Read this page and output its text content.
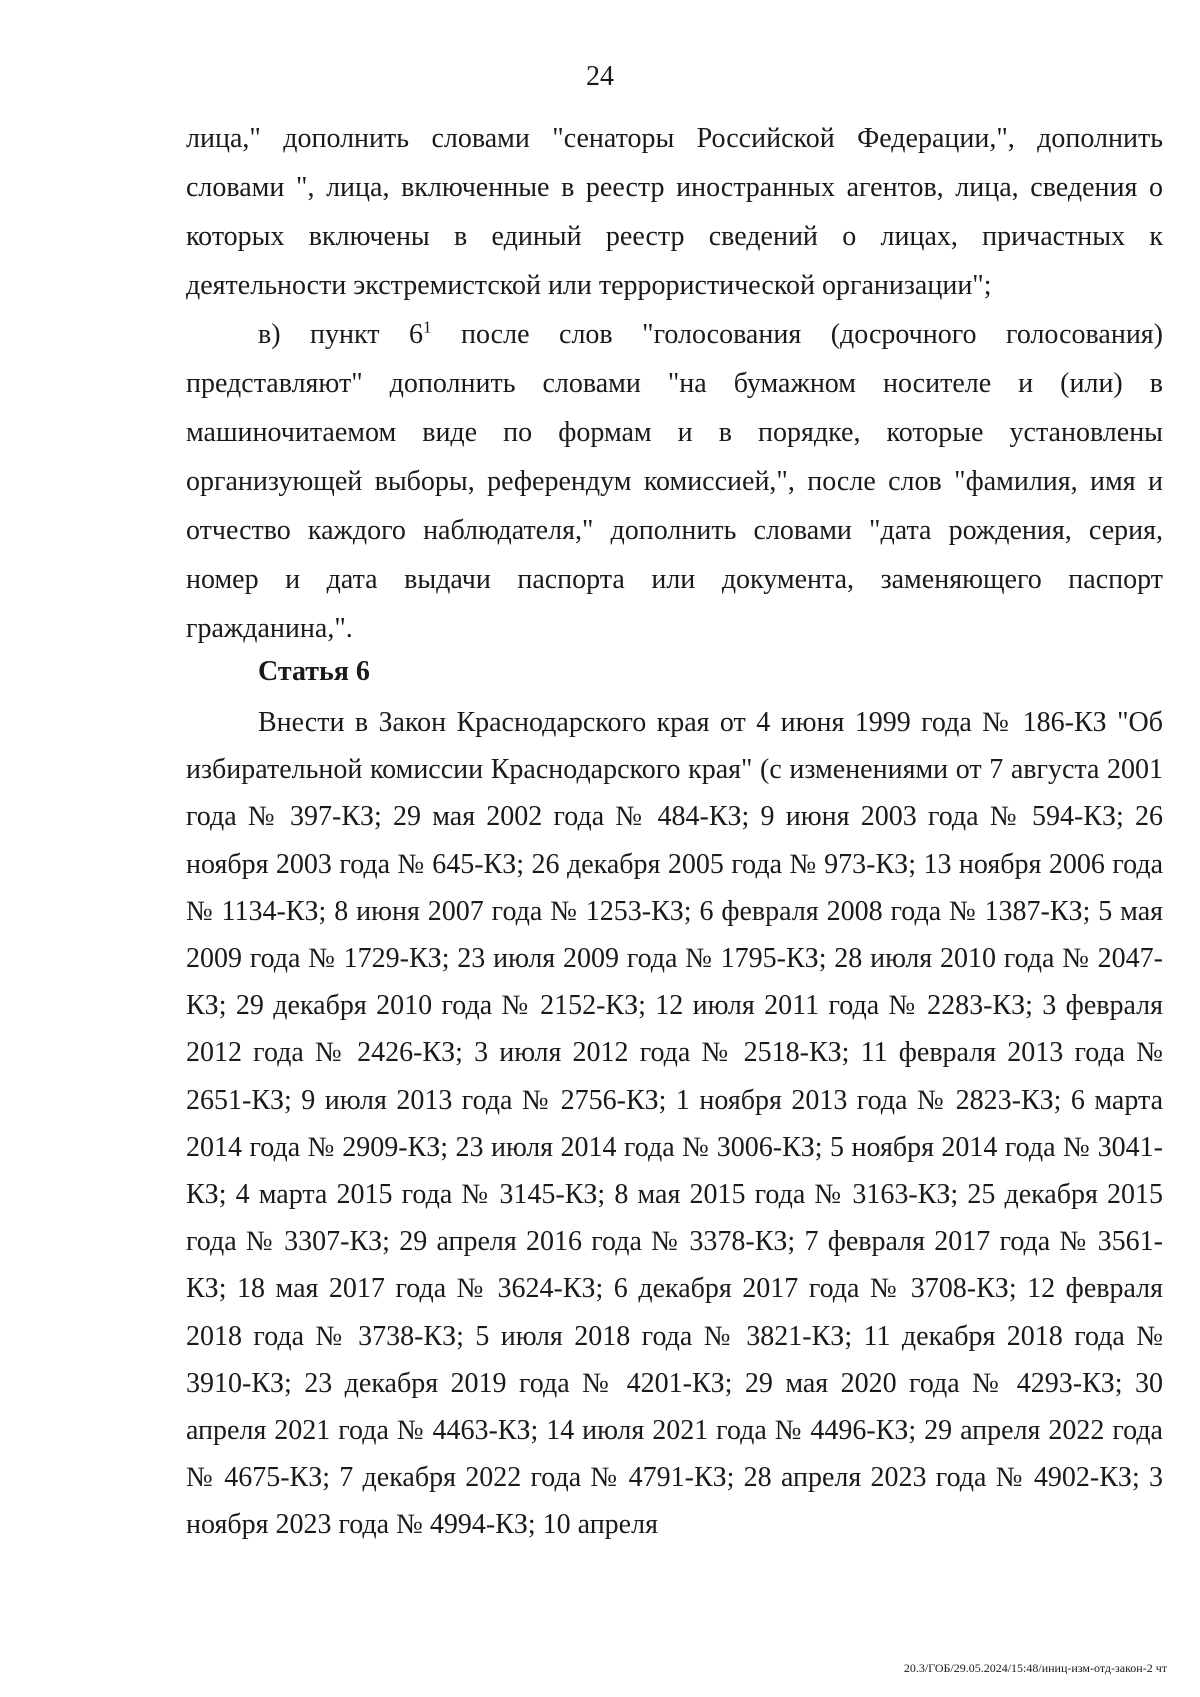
24

лица," дополнить словами "сенаторы Российской Федерации,", дополнить словами ", лица, включенные в реестр иностранных агентов, лица, сведения о которых включены в единый реестр сведений о лицах, причастных к деятельности экстремистской или террористической организации";

в) пункт $6^1$ после слов "голосования (досрочного голосования) представляют" дополнить словами "на бумажном носителе и (или) в машиночитаемом виде по формам и в порядке, которые установлены организующей выборы, референдум комиссией,", после слов "фамилия, имя и отчество каждого наблюдателя," дополнить словами "дата рождения, серия, номер и дата выдачи паспорта или документа, заменяющего паспорт гражданина,".

Статья 6

Внести в Закон Краснодарского края от 4 июня 1999 года № 186-КЗ "Об избирательной комиссии Краснодарского края" (с изменениями от 7 августа 2001 года № 397-КЗ; 29 мая 2002 года № 484-КЗ; 9 июня 2003 года № 594-КЗ; 26 ноября 2003 года № 645-КЗ; 26 декабря 2005 года № 973-КЗ; 13 ноября 2006 года № 1134-КЗ; 8 июня 2007 года № 1253-КЗ; 6 февраля 2008 года № 1387-КЗ; 5 мая 2009 года № 1729-КЗ; 23 июля 2009 года № 1795-КЗ; 28 июля 2010 года № 2047-КЗ; 29 декабря 2010 года № 2152-КЗ; 12 июля 2011 года № 2283-КЗ; 3 февраля 2012 года № 2426-КЗ; 3 июля 2012 года № 2518-КЗ; 11 февраля 2013 года № 2651-КЗ; 9 июля 2013 года № 2756-КЗ; 1 ноября 2013 года № 2823-КЗ; 6 марта 2014 года № 2909-КЗ; 23 июля 2014 года № 3006-КЗ; 5 ноября 2014 года № 3041-КЗ; 4 марта 2015 года № 3145-КЗ; 8 мая 2015 года № 3163-КЗ; 25 декабря 2015 года № 3307-КЗ; 29 апреля 2016 года № 3378-КЗ; 7 февраля 2017 года № 3561-КЗ; 18 мая 2017 года № 3624-КЗ; 6 декабря 2017 года № 3708-КЗ; 12 февраля 2018 года № 3738-КЗ; 5 июля 2018 года № 3821-КЗ; 11 декабря 2018 года № 3910-КЗ; 23 декабря 2019 года № 4201-КЗ; 29 мая 2020 года № 4293-КЗ; 30 апреля 2021 года № 4463-КЗ; 14 июля 2021 года № 4496-КЗ; 29 апреля 2022 года № 4675-КЗ; 7 декабря 2022 года № 4791-КЗ; 28 апреля 2023 года № 4902-КЗ; 3 ноября 2023 года № 4994-КЗ; 10 апреля

20.3/ГОБ/29.05.2024/15:48/иниц-изм-отд-закон-2 чт
